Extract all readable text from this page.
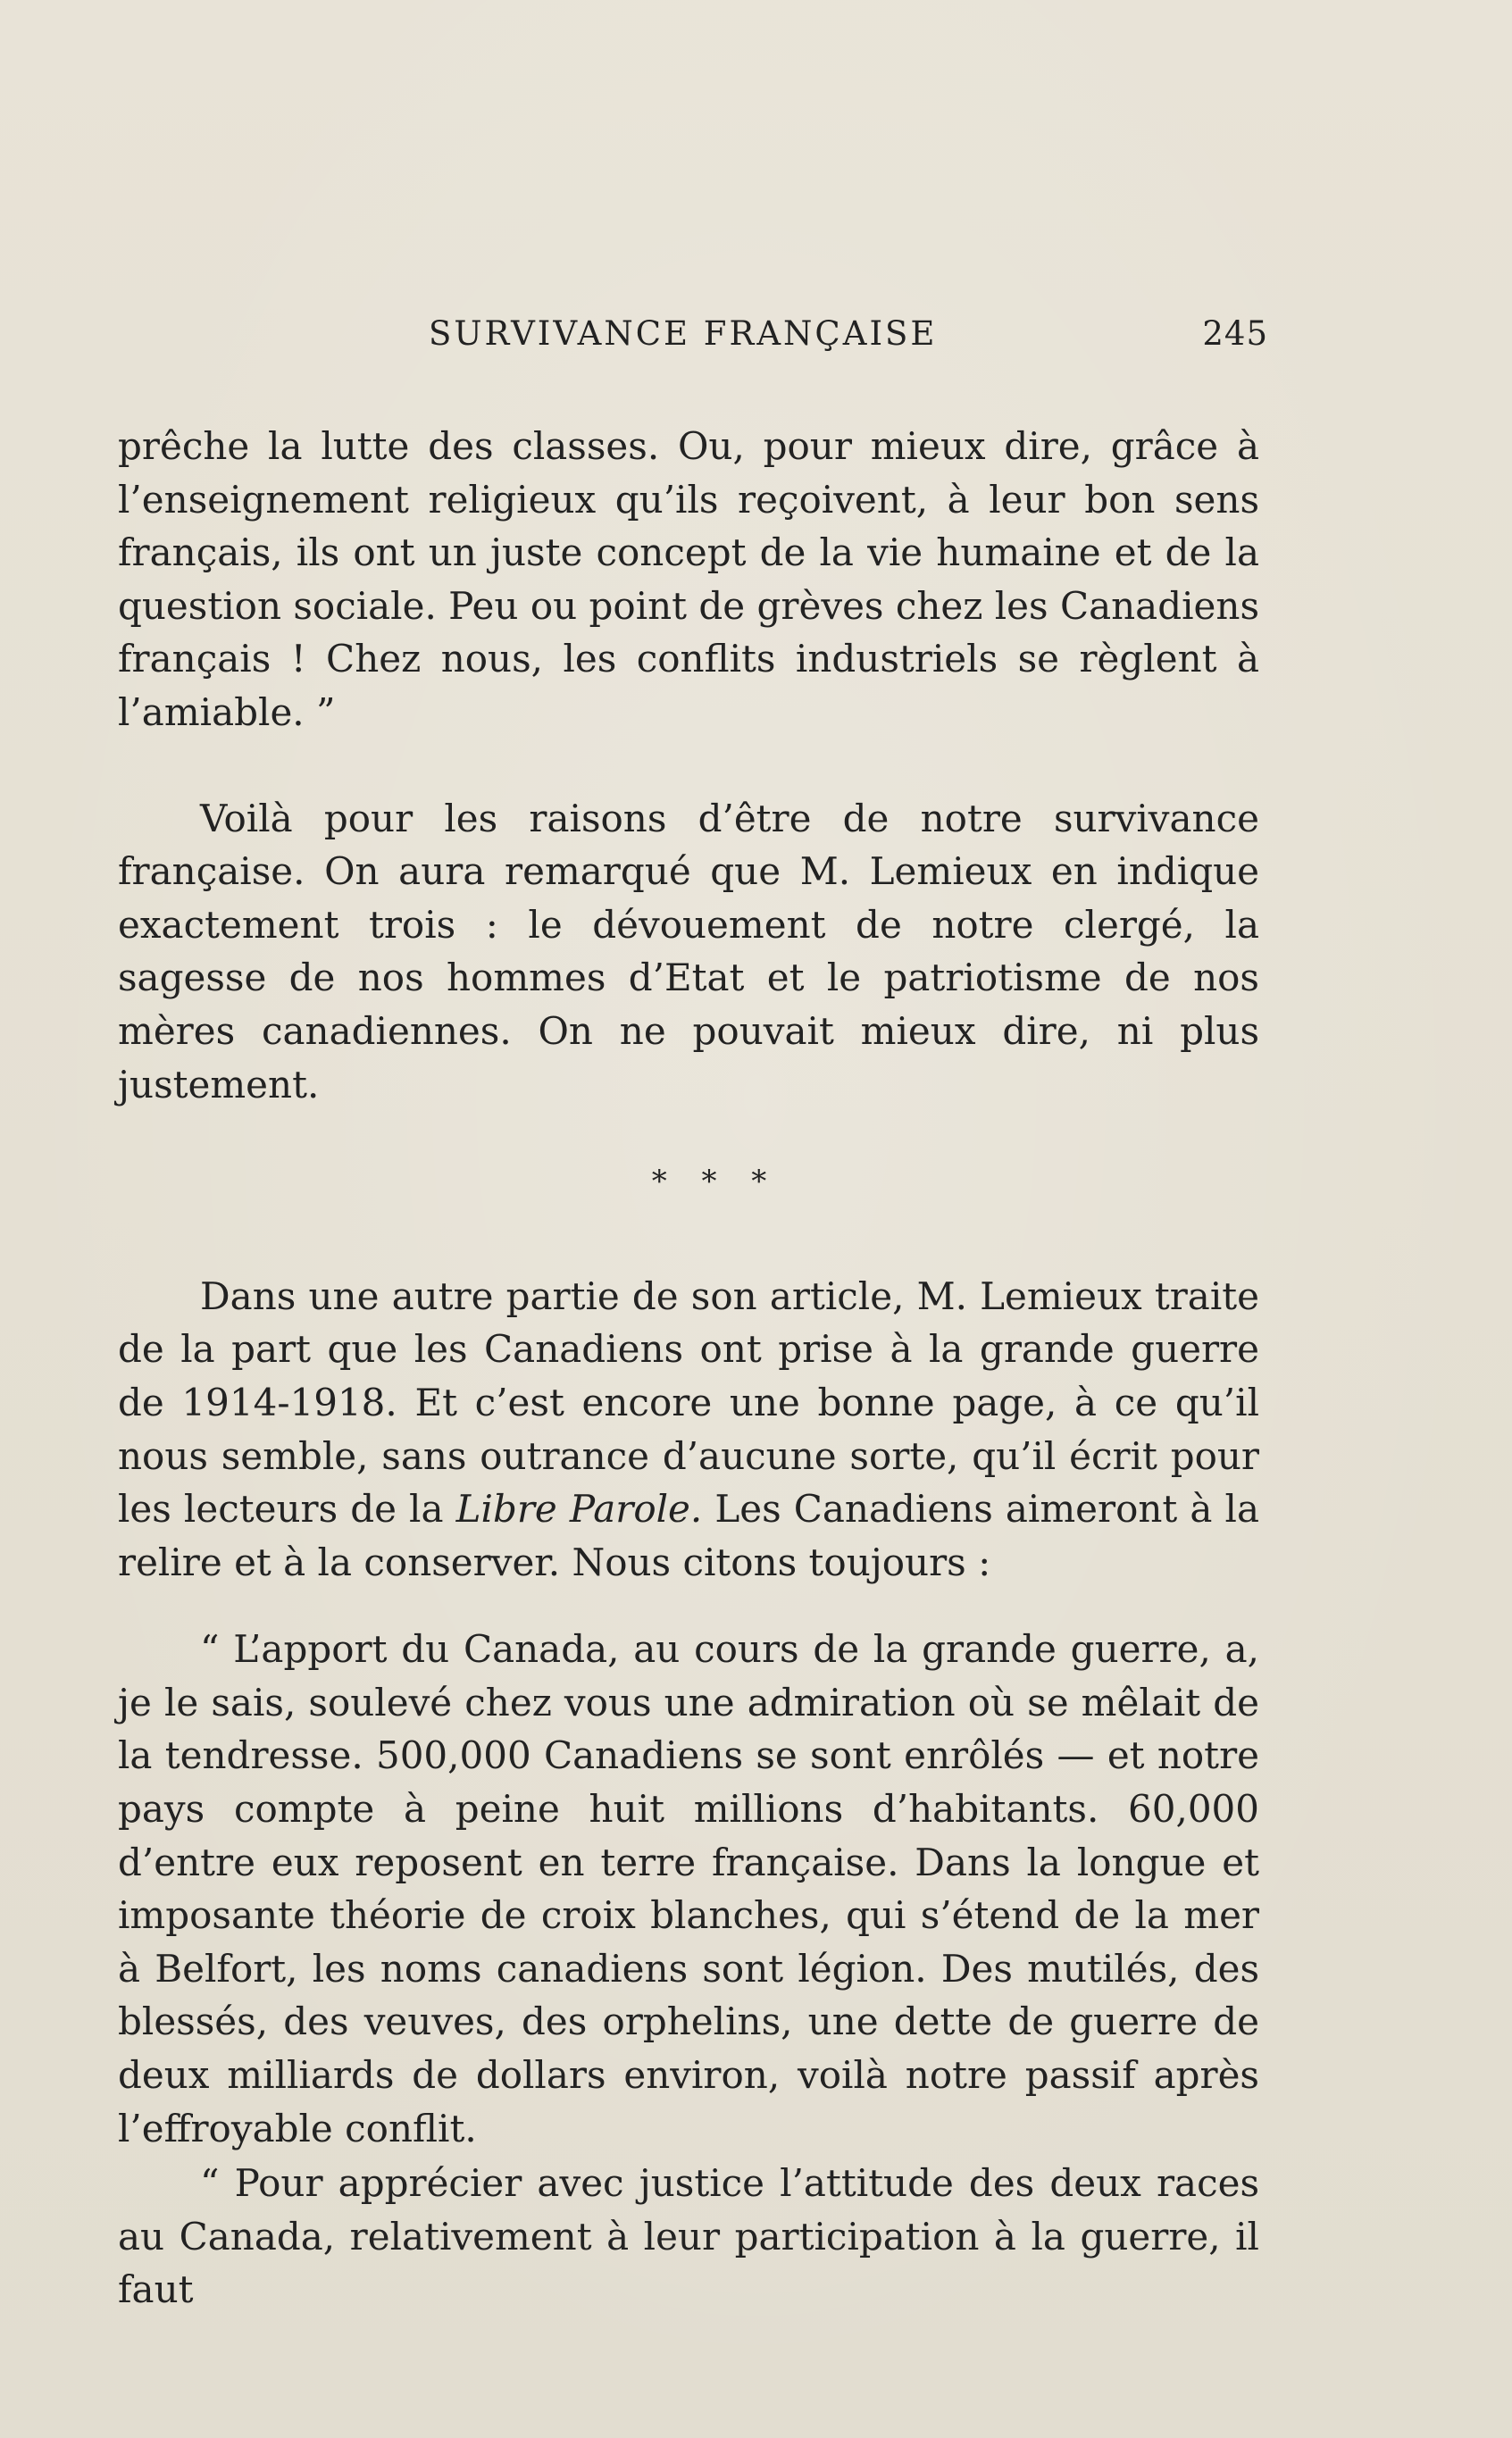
SURVIVANCE FRANÇAISE	245

prêche la lutte des classes. Ou, pour mieux dire, grâce à l’enseignement religieux qu’ils reçoivent, à leur bon sens français, ils ont un juste concept de la vie humaine et de la question sociale. Peu ou point de grèves chez les Canadiens français ! Chez nous, les conflits industriels se règlent à l’amiable. ”

Voilà pour les raisons d’être de notre survivance française. On aura remarqué que M. Lemieux en indique exactement trois : le dévouement de notre clergé, la sagesse de nos hommes d’Etat et le patriotisme de nos mères canadiennes. On ne pouvait mieux dire, ni plus justement.

* * *

Dans une autre partie de son article, M. Lemieux traite de la part que les Canadiens ont prise à la grande guerre de 1914-1918. Et c’est encore une bonne page, à ce qu’il nous semble, sans outrance d’aucune sorte, qu’il écrit pour les lecteurs de la Libre Parole. Les Canadiens aimeront à la relire et à la conserver. Nous citons toujours :

“ L’apport du Canada, au cours de la grande guerre, a, je le sais, soulevé chez vous une admiration où se mêlait de la tendresse. 500,000 Canadiens se sont enrôlés — et notre pays compte à peine huit millions d’habitants. 60,000 d’entre eux reposent en terre française. Dans la longue et imposante théorie de croix blanches, qui s’étend de la mer à Belfort, les noms canadiens sont légion. Des mutilés, des blessés, des veuves, des orphelins, une dette de guerre de deux milliards de dollars environ, voilà notre passif après l’effroyable conflit.

“ Pour apprécier avec justice l’attitude des deux races au Canada, relativement à leur participation à la guerre, il faut
